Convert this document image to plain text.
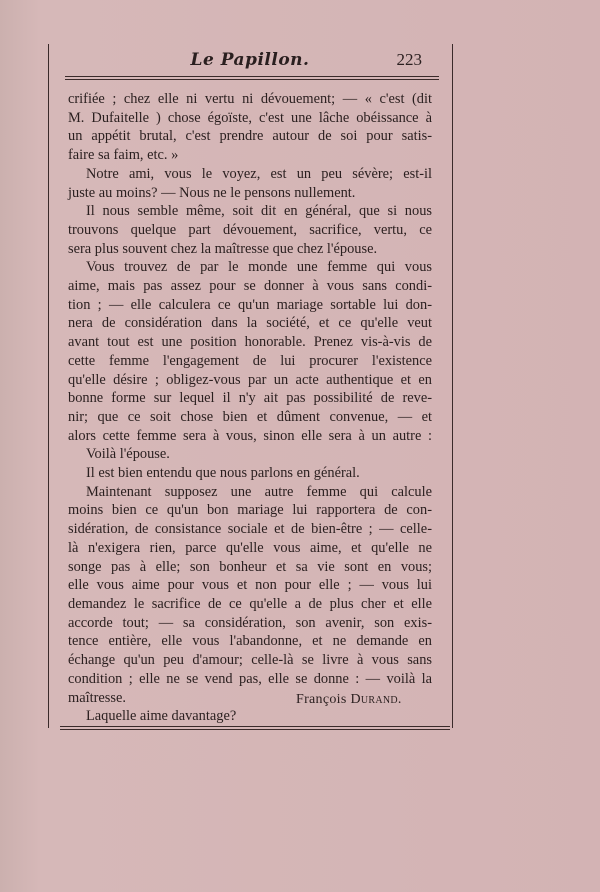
Le Papillon.	223
crifiée ; chez elle ni vertu ni dévouement; — « c'est (dit
M. Dufaitelle ) chose égoïste, c'est une lâche obéissance à
un appétit brutal, c'est prendre autour de soi pour satis-
faire sa faim, etc. »
Notre ami, vous le voyez, est un peu sévère; est-il
juste au moins? — Nous ne le pensons nullement.
Il nous semble même, soit dit en général, que si nous
trouvons quelque part dévouement, sacrifice, vertu, ce
sera plus souvent chez la maîtresse que chez l'épouse.
Vous trouvez de par le monde une femme qui vous
aime, mais pas assez pour se donner à vous sans condi-
tion ; — elle calculera ce qu'un mariage sortable lui don-
nera de considération dans la société, et ce qu'elle veut
avant tout est une position honorable. Prenez vis-à-vis de
cette femme l'engagement de lui procurer l'existence
qu'elle désire ; obligez-vous par un acte authentique et en
bonne forme sur lequel il n'y ait pas possibilité de reve-
nir; que ce soit chose bien et dûment convenue, — et
alors cette femme sera à vous, sinon elle sera à un autre :
Voilà l'épouse.
Il est bien entendu que nous parlons en général.
Maintenant supposez une autre femme qui calcule
moins bien ce qu'un bon mariage lui rapportera de con-
sidération, de consistance sociale et de bien-être ; — celle-
là n'exigera rien, parce qu'elle vous aime, et qu'elle ne
songe pas à elle; son bonheur et sa vie sont en vous;
elle vous aime pour vous et non pour elle ; — vous lui
demandez le sacrifice de ce qu'elle a de plus cher et elle
accorde tout; — sa considération, son avenir, son exis-
tence entière, elle vous l'abandonne, et ne demande en
échange qu'un peu d'amour; celle-là se livre à vous sans
condition ; elle ne se vend pas, elle se donne : — voilà la
maîtresse.
Laquelle aime davantage?
François Durand.
